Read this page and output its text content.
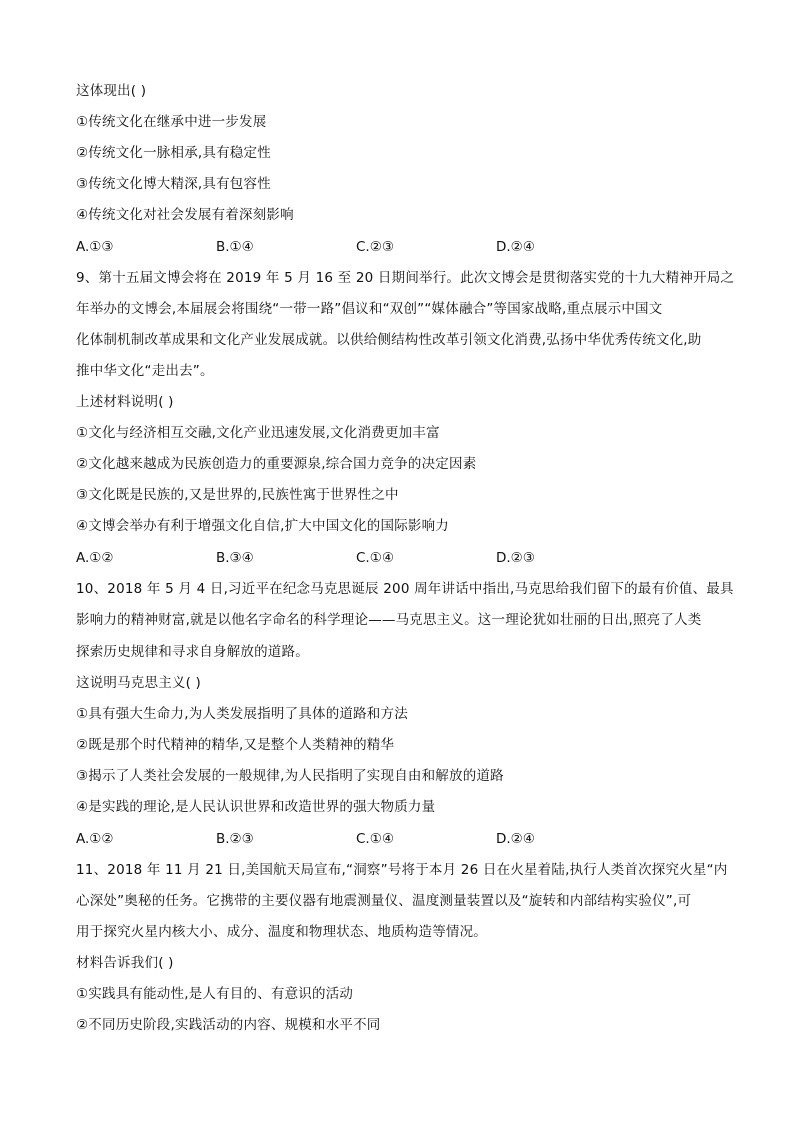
这体现出( )
①传统文化在继承中进一步发展
②传统文化一脉相承,具有稳定性
③传统文化博大精深,具有包容性
④传统文化对社会发展有着深刻影响
A.①③	B.①④	C.②③	D.②④
9、第十五届文博会将在 2019 年 5 月 16 至 20 日期间举行。此次文博会是贯彻落实党的十九大精神开局之
年举办的文博会,本届展会将围绕“一带一路”倡议和“双创”“媒体融合”等国家战略,重点展示中国文
化体制机制改革成果和文化产业发展成就。以供给侧结构性改革引领文化消费,弘扬中华优秀传统文化,助
推中华文化“走出去”。
上述材料说明( )
①文化与经济相互交融,文化产业迅速发展,文化消费更加丰富
②文化越来越成为民族创造力的重要源泉,综合国力竞争的决定因素
③文化既是民族的,又是世界的,民族性寓于世界性之中
④文博会举办有利于增强文化自信,扩大中国文化的国际影响力
A.①②	B.③④	C.①④	D.②③
10、2018 年 5 月 4 日,习近平在纪念马克思诞辰 200 周年讲话中指出,马克思给我们留下的最有价值、最具
影响力的精神财富,就是以他名字命名的科学理论——马克思主义。这一理论犹如壮丽的日出,照亮了人类
探索历史规律和寻求自身解放的道路。
这说明马克思主义( )
①具有强大生命力,为人类发展指明了具体的道路和方法
②既是那个时代精神的精华,又是整个人类精神的精华
③揭示了人类社会发展的一般规律,为人民指明了实现自由和解放的道路
④是实践的理论,是人民认识世界和改造世界的强大物质力量
A.①②	B.②③	C.①④	D.②④
11、2018 年 11 月 21 日,美国航天局宣布,“洞察”号将于本月 26 日在火星着陆,执行人类首次探究火星“内
心深处”奥秘的任务。它携带的主要仪器有地震测量仪、温度测量装置以及“旋转和内部结构实验仪”,可
用于探究火星内核大小、成分、温度和物理状态、地质构造等情况。
材料告诉我们( )
①实践具有能动性,是人有目的、有意识的活动
②不同历史阶段,实践活动的内容、规模和水平不同
